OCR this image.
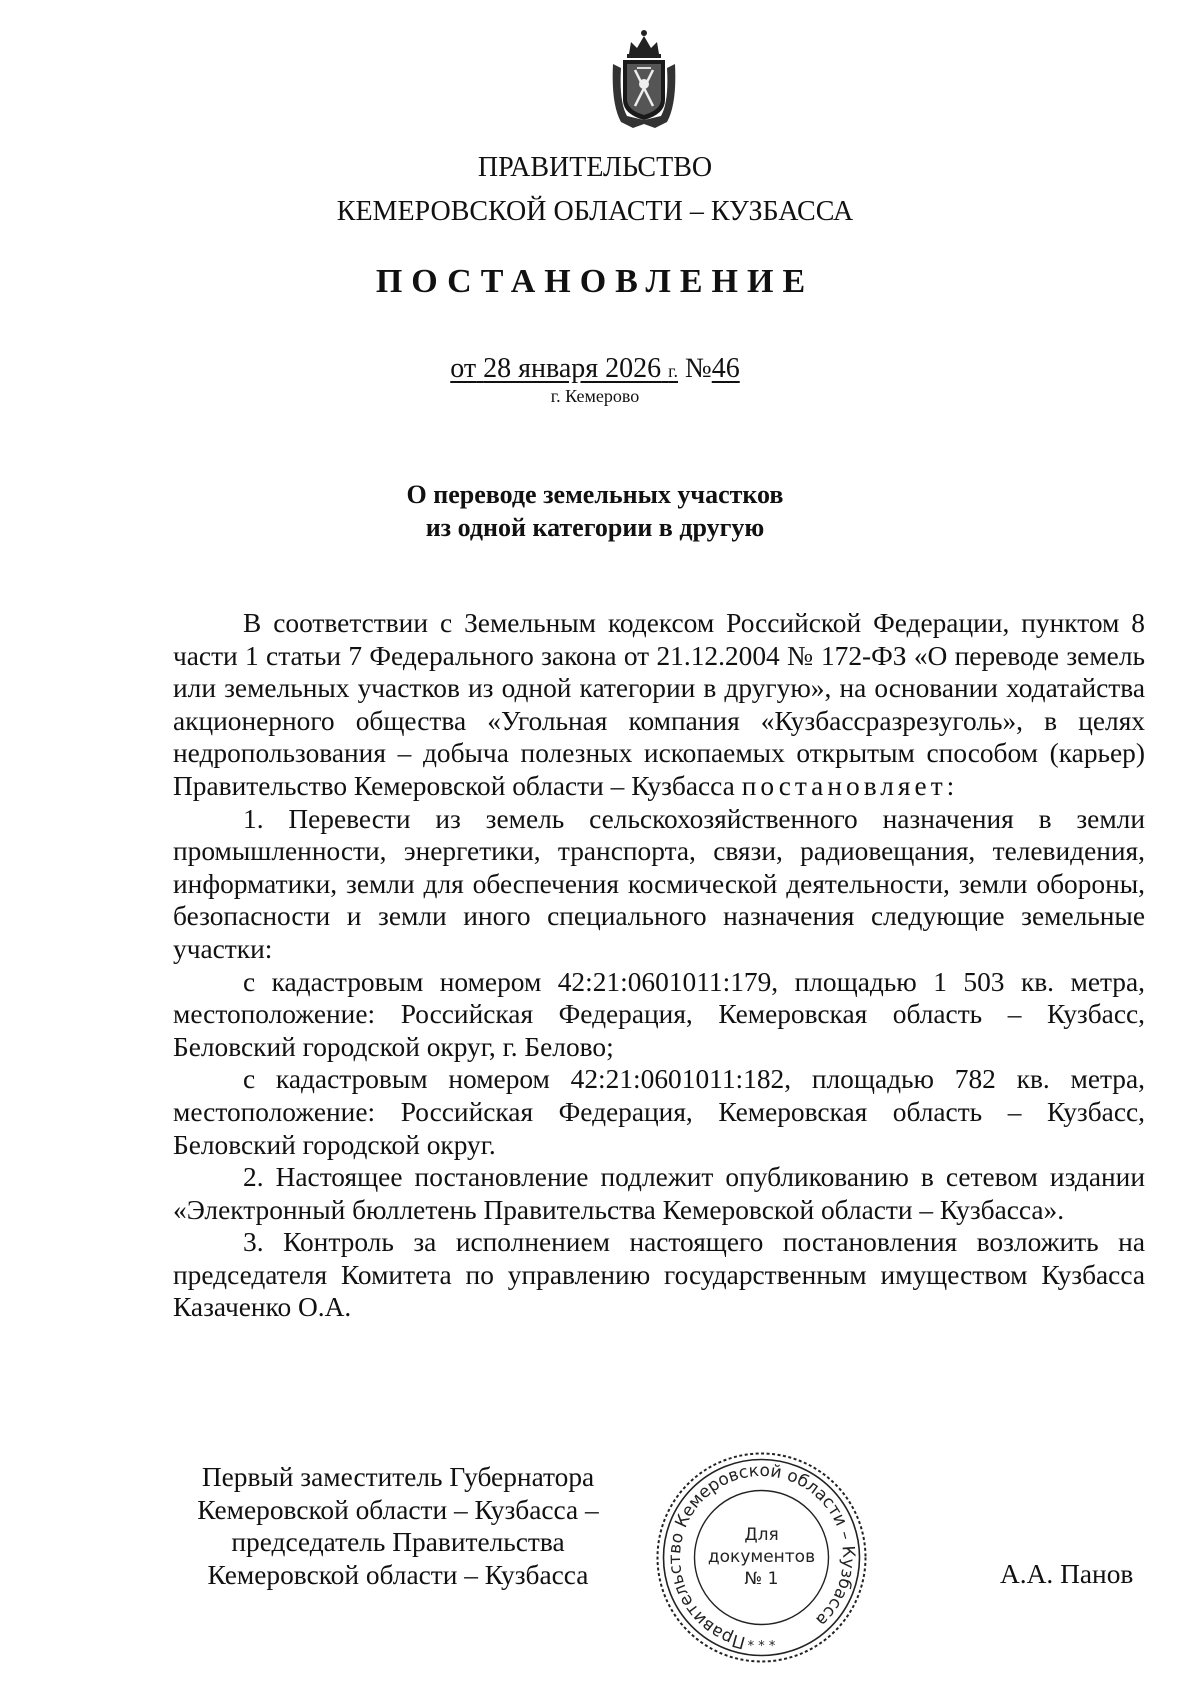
ПРАВИТЕЛЬСТВО
КЕМЕРОВСКОЙ ОБЛАСТИ – КУЗБАССА
ПОСТАНОВЛЕНИЕ
от 28 января 2026 г. №46
г. Кемерово
О переводе земельных участков
из одной категории в другую

В соответствии с Земельным кодексом Российской Федерации, пунктом 8 части 1 статьи 7 Федерального закона от 21.12.2004 № 172-ФЗ «О переводе земель или земельных участков из одной категории в другую», на основании ходатайства акционерного общества «Угольная компания «Кузбассразрезуголь», в целях недропользования – добыча полезных ископаемых открытым способом (карьер) Правительство Кемеровской области – Кузбасса постановляет:

1. Перевести из земель сельскохозяйственного назначения в земли промышленности, энергетики, транспорта, связи, радиовещания, телевидения, информатики, земли для обеспечения космической деятельности, земли обороны, безопасности и земли иного специального назначения следующие земельные участки:

с кадастровым номером 42:21:0601011:179, площадью 1 503 кв. метра, местоположение: Российская Федерация, Кемеровская область – Кузбасс, Беловский городской округ, г. Белово;

с кадастровым номером 42:21:0601011:182, площадью 782 кв. метра, местоположение: Российская Федерация, Кемеровская область – Кузбасс, Беловский городской округ.

2. Настоящее постановление подлежит опубликованию в сетевом издании «Электронный бюллетень Правительства Кемеровской области – Кузбасса».

3. Контроль за исполнением настоящего постановления возложить на председателя Комитета по управлению государственным имуществом Кузбасса Казаченко О.А.

Первый заместитель Губернатора
Кемеровской области – Кузбасса –
председатель Правительства
Кемеровской области – Кузбасса
Правительство Кемеровской области – Кузбасса
Для
документов
№ 1
* * *
А.А. Панов
